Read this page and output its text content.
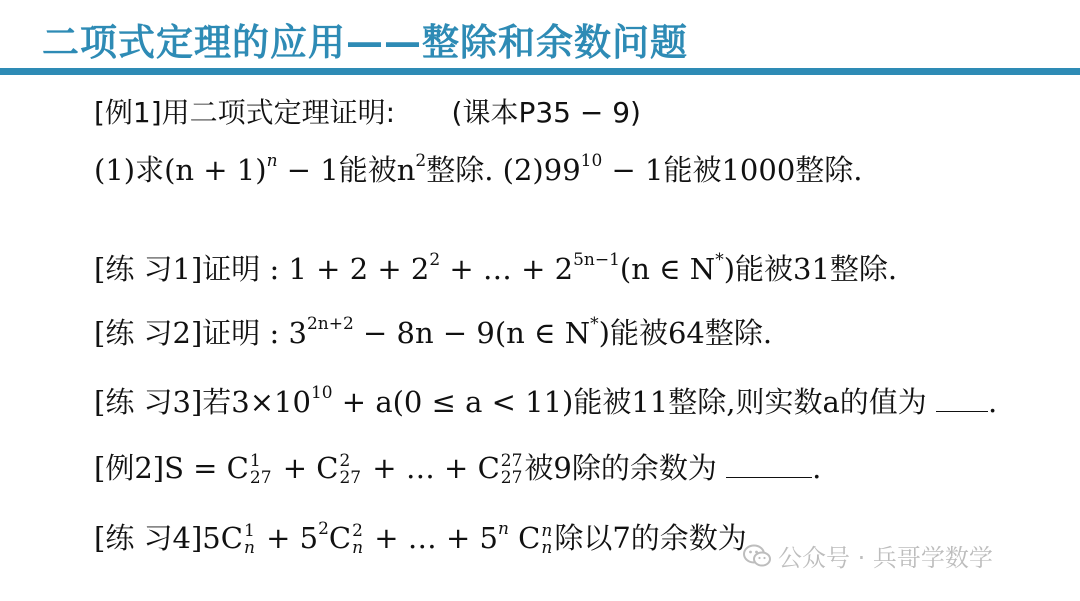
二项式定理的应用——整除和余数问题
[例1]用二项式定理证明: (课本P35 − 9)
(1)求$(n + 1)^n - 1$能被$n^2$整除. $(2)99^{10} - 1$能被1000整除.
[练 习1]证明 : $1 + 2 + 2^2$ + … + $2^{5n-1}(n$ ∈ N*)能被31整除.
[练 习2]证明 : $3^{2n+2} - 8n - 9(n$ ∈ N*)能被64整除.
[练 习3]若$3\times 10^{10} + a(0 \le a < 11)$能被11整除,则实数a的值为 .
[例2]S = C 1
27 + C 2
27 + … + C 27
27 被9除的余数为	.
[练 习4]5C 1
$n + 5^2C$ 2
n + … + $5^n$ C n
n 除以7的余数为
公众号 · 兵哥学数学
